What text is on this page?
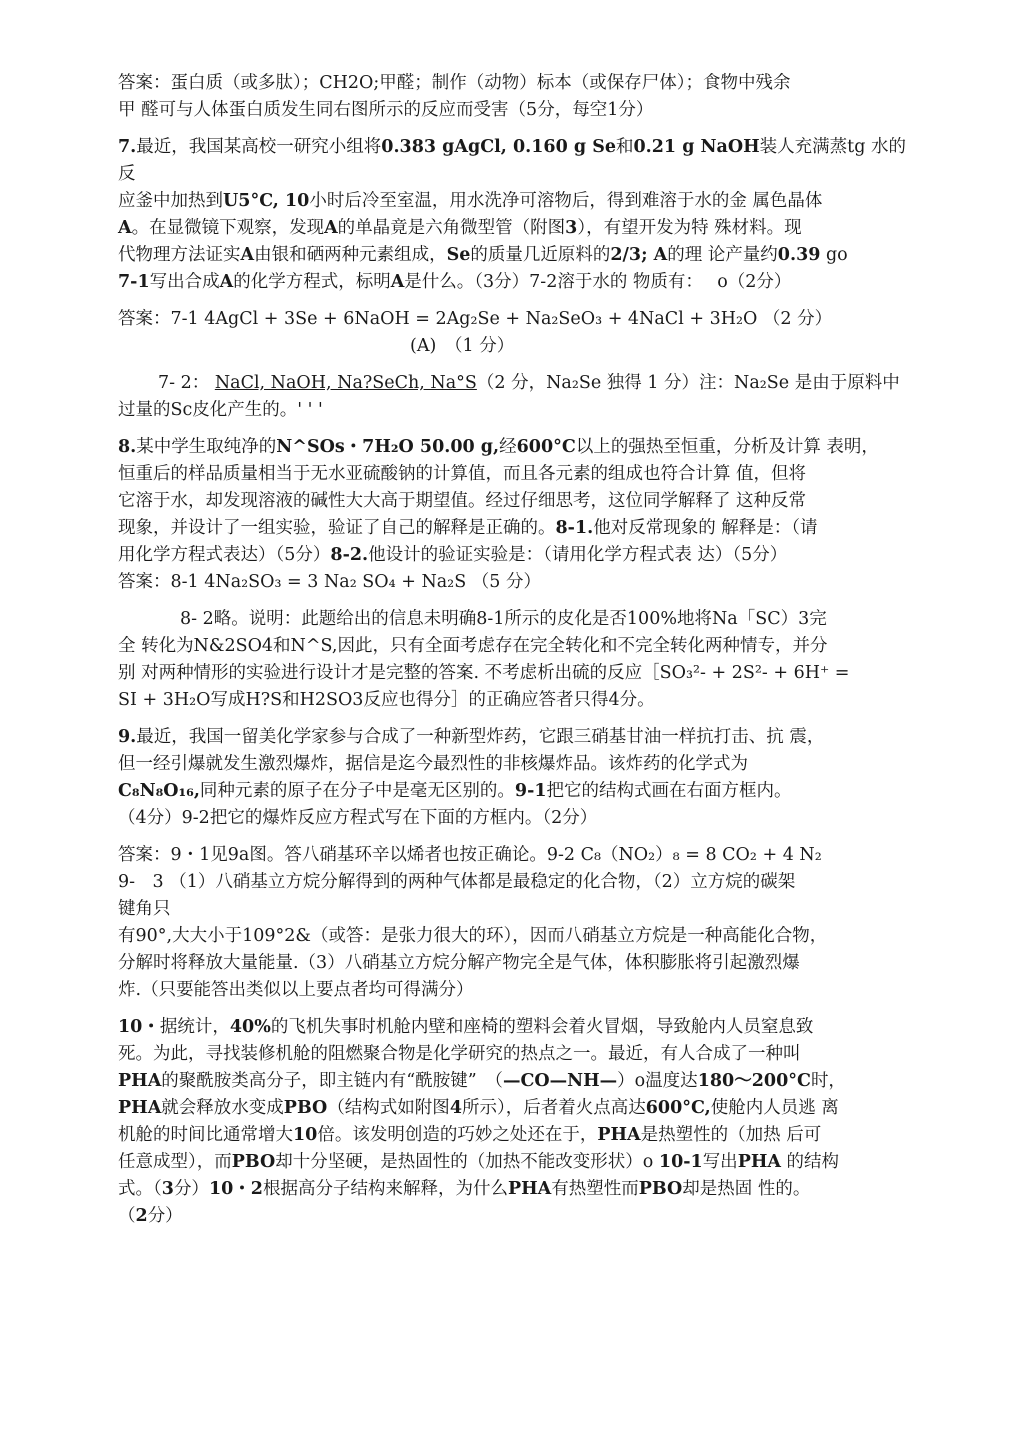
答案：蛋白质（或多肽）；CH2O;甲醛；制作（动物）标本（或保存尸体）；食物中残余

甲 醛可与人体蛋白质发生同右图所示的反应而受害（5分，每空1分）

7.最近，我国某高校一研究小组将0.383 gAgCl, 0.160 g Se和0.21 g NaOH装人充满蒸tg 水的反

应釜中加热到U5°C, 10小时后冷至室温，用水洗净可溶物后，得到难溶于水的金 属色晶体

A。在显微镜下观察，发现A的单晶竟是六角微型管（附图3），有望开发为特 殊材料。现

代物理方法证实A由银和硒两种元素组成，Se的质量几近原料的2/3; A的理 论产量约0.39 go

7-1写出合成A的化学方程式，标明A是什么。（3分）7-2溶于水的 物质有：　 o（2分）

答案：7-1 4AgCl + 3Se + 6NaOH = 2Ag₂Se + Na₂SeO₃ + 4NaCl + 3H₂O （2 分）

(A)　（1 分）

7- 2： NaCl, NaOH, Na?SeCh, Na°S（2 分，Na₂Se 独得 1 分）注：Na₂Se 是由于原料中

过量的Sc皮化产生的。' ' '

8.某中学生取纯净的N^SOs・7H₂O 50.00 g,经600°C以上的强热至恒重，分析及计算 表明，

恒重后的样品质量相当于无水亚硫酸钠的计算值，而且各元素的组成也符合计算 值，但将

它溶于水，却发现溶液的碱性大大高于期望值。经过仔细思考，这位同学解释了 这种反常

现象，并设计了一组实验，验证了自己的解释是正确的。8-1.他对反常现象的 解释是：（请

用化学方程式表达）（5分）8-2.他设计的验证实验是：（请用化学方程式表 达）（5分）

答案：8-1 4Na₂SO₃ = 3 Na₂ SO₄ + Na₂S （5 分）

8- 2略。说明：此题给出的信息未明确8-1所示的皮化是否100%地将Na「SC）3完

全 转化为N&2SO4和N^S,因此，只有全面考虑存在完全转化和不完全转化两种情专，并分

别 对两种情形的实验进行设计才是完整的答案. 不考虑析出硫的反应［SO₃²- + 2S²- + 6H⁺ =

SI + 3H₂O写成H?S和H2SO3反应也得分］的正确应答者只得4分。

9.最近，我国一留美化学家参与合成了一种新型炸药，它跟三硝基甘油一样抗打击、抗 震，

但一经引爆就发生激烈爆炸，据信是迄今最烈性的非核爆炸品。该炸药的化学式为

C₈N₈O₁₆,同种元素的原子在分子中是毫无区别的。9-1把它的结构式画在右面方框内。

（4分）9-2把它的爆炸反应方程式写在下面的方框内。（2分）

答案：9・1见9a图。答八硝基环辛以烯者也按正确论。9-2 C₈（NO₂）₈ = 8 CO₂ + 4 N₂

9-　3 （1）八硝基立方烷分解得到的两种气体都是最稳定的化合物，（2）立方烷的碳架

键角只

有90°,大大小于109°2&（或答：是张力很大的环），因而八硝基立方烷是一种高能化合物，

分解时将释放大量能量.（3）八硝基立方烷分解产物完全是气体，体积膨胀将引起激烈爆

炸.（只要能答出类似以上要点者均可得满分）

10・据统计，40%的飞机失事时机舱内壁和座椅的塑料会着火冒烟，导致舱内人员窒息致

死。为此，寻找装修机舱的阻燃聚合物是化学研究的热点之一。最近，有人合成了一种叫

PHA的聚酰胺类高分子，即主链内有“酰胺键”　（—CO—NH—）o温度达180～200°C时，

PHA就会释放水变成PBO（结构式如附图4所示），后者着火点高达600°C,使舱内人员逃 离

机舱的时间比通常增大10倍。该发明创造的巧妙之处还在于，PHA是热塑性的（加热 后可

任意成型），而PBO却十分坚硬，是热固性的（加热不能改变形状）o 10-1写出PHA 的结构

式。（3分）10・2根据高分子结构来解释，为什么PHA有热塑性而PBO却是热固 性的。

（2分）
